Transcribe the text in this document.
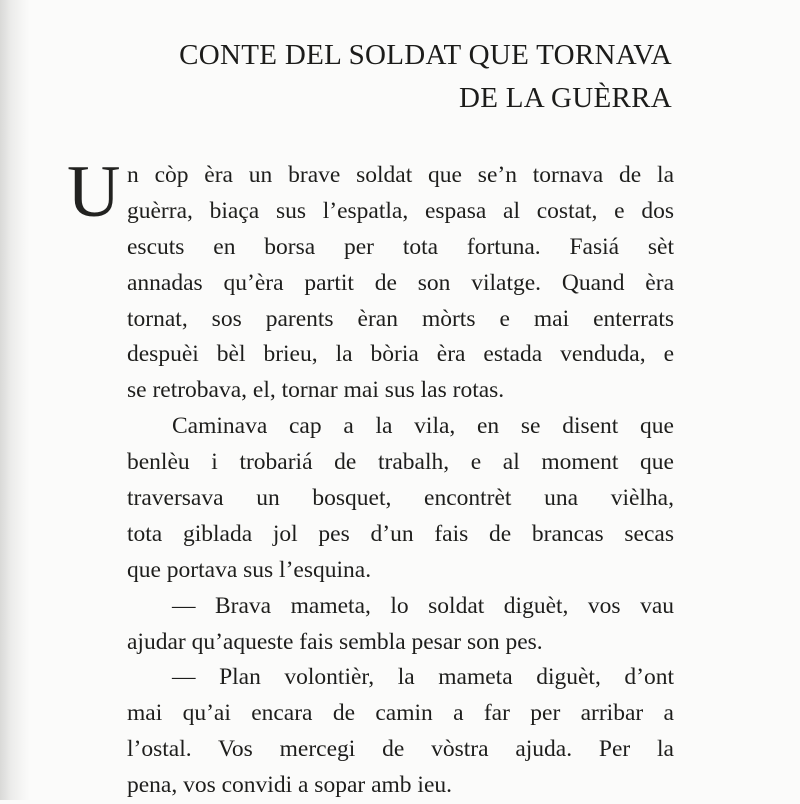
CONTE DEL SOLDAT QUE TORNAVA
DE LA GUÈRRA
U n còp èra un brave soldat que se’n tornava de la
guèrra, biaça sus l’espatla, espasa al costat, e dos
escuts en borsa per tota fortuna. Fasiá sèt
annadas qu’èra partit de son vilatge. Quand èra
tornat, sos parents èran mòrts e mai enterrats
despuèi bèl brieu, la bòria èra estada venduda, e
se retrobava, el, tornar mai sus las rotas.
Caminava cap a la vila, en se disent que
benlèu i trobariá de trabalh, e al moment que
traversava un bosquet, encontrèt una vièlha,
tota giblada jol pes d’un fais de brancas secas
que portava sus l’esquina.
— Brava mameta, lo soldat diguèt, vos vau
ajudar qu’aqueste fais sembla pesar son pes.
— Plan volontièr, la mameta diguèt, d’ont
mai qu’ai encara de camin a far per arribar a
l’ostal. Vos mercegi de vòstra ajuda. Per la
pena, vos convidi a sopar amb ieu.
